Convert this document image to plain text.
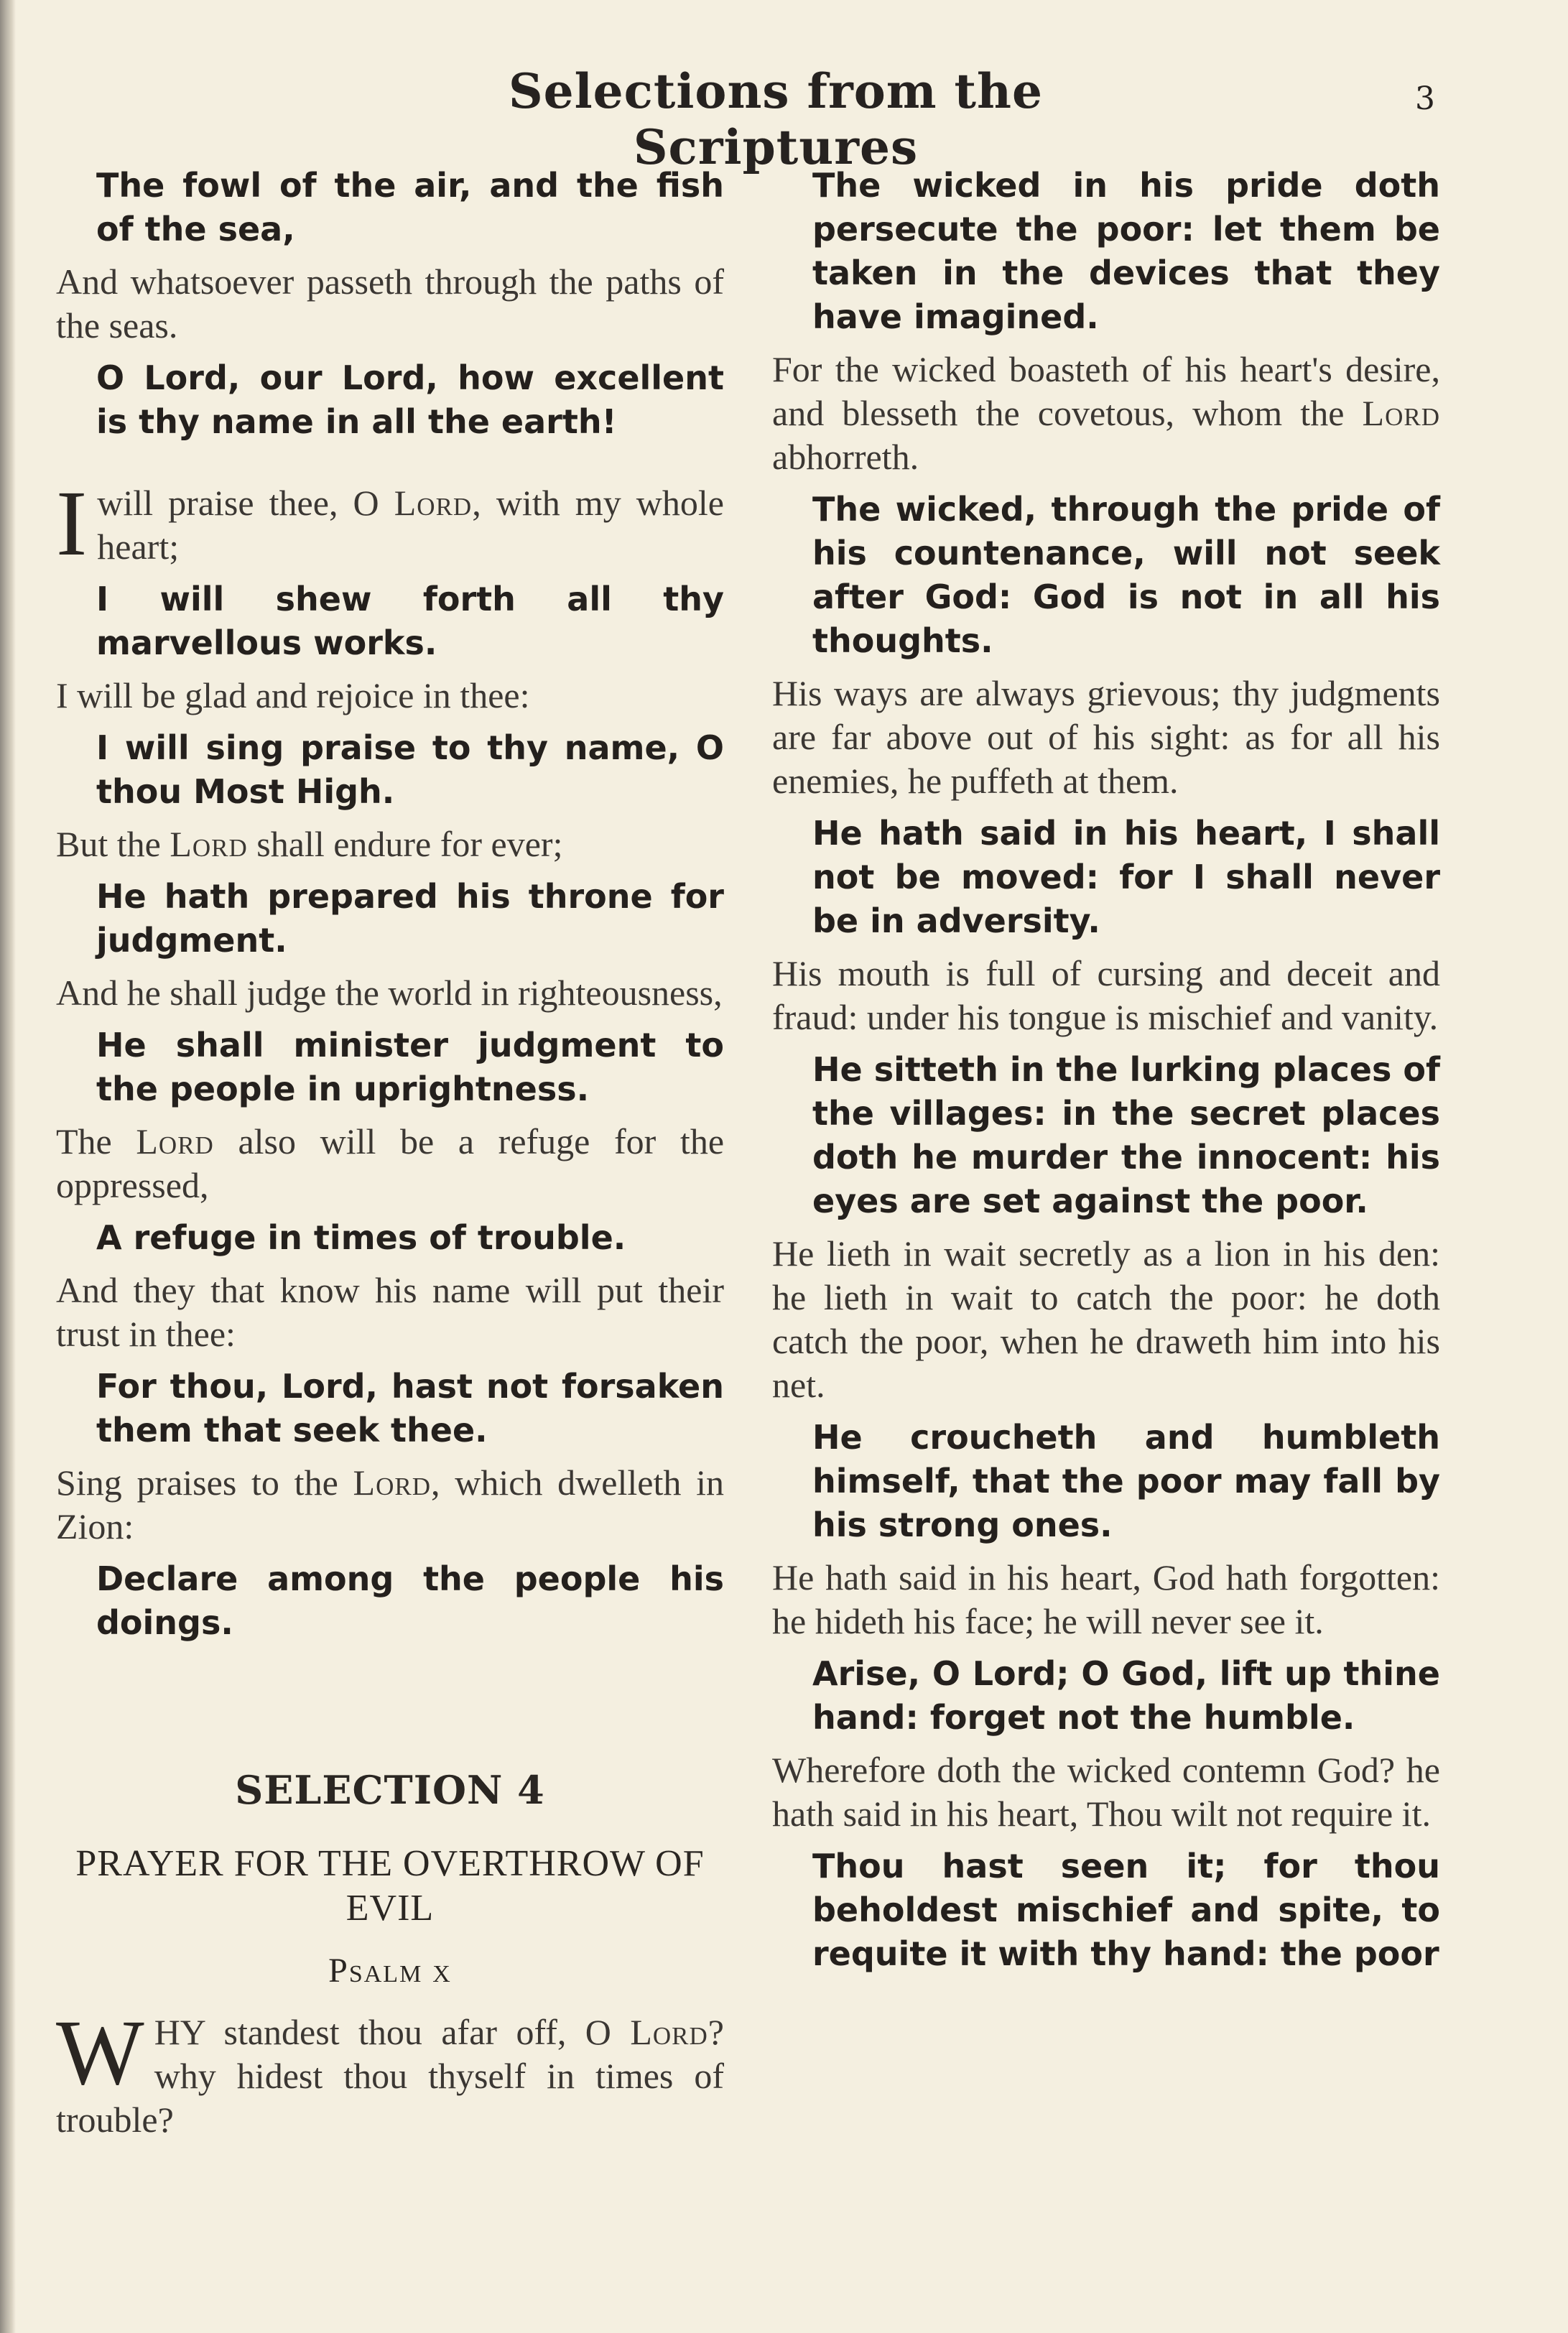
Selections from the Scriptures
3

The fowl of the air, and the fish of the sea,

And whatsoever passeth through the paths of the seas.

O Lord, our Lord, how excellent is thy name in all the earth!

Iwill praise thee, O Lord, with my whole heart;

I will shew forth all thy marvellous works.

I will be glad and rejoice in thee:

I will sing praise to thy name, O thou Most High.

But the Lord shall endure for ever;

He hath prepared his throne for judgment.

And he shall judge the world in righteousness,

He shall minister judgment to the people in uprightness.

The Lord also will be a refuge for the oppressed,

A refuge in times of trouble.

And they that know his name will put their trust in thee:

For thou, Lord, hast not forsaken them that seek thee.

Sing praises to the Lord, which dwelleth in Zion:

Declare among the people his doings.

SELECTION 4
PRAYER FOR THE OVERTHROW OF EVIL
Psalm x

WHY standest thou afar off, O Lord? why hidest thou thyself in times of trouble?

The wicked in his pride doth persecute the poor: let them be taken in the devices that they have imagined.

For the wicked boasteth of his heart's desire, and blesseth the covetous, whom the Lord abhorreth.

The wicked, through the pride of his countenance, will not seek after God: God is not in all his thoughts.

His ways are always grievous; thy judgments are far above out of his sight: as for all his enemies, he puffeth at them.

He hath said in his heart, I shall not be moved: for I shall never be in adversity.

His mouth is full of cursing and deceit and fraud: under his tongue is mischief and vanity.

He sitteth in the lurking places of the villages: in the secret places doth he murder the innocent: his eyes are set against the poor.

He lieth in wait secretly as a lion in his den: he lieth in wait to catch the poor: he doth catch the poor, when he draweth him into his net.

He croucheth and humbleth himself, that the poor may fall by his strong ones.

He hath said in his heart, God hath forgotten: he hideth his face; he will never see it.

Arise, O Lord; O God, lift up thine hand: forget not the humble.

Wherefore doth the wicked contemn God? he hath said in his heart, Thou wilt not require it.

Thou hast seen it; for thou beholdest mischief and spite, to requite it with thy hand: the poor
